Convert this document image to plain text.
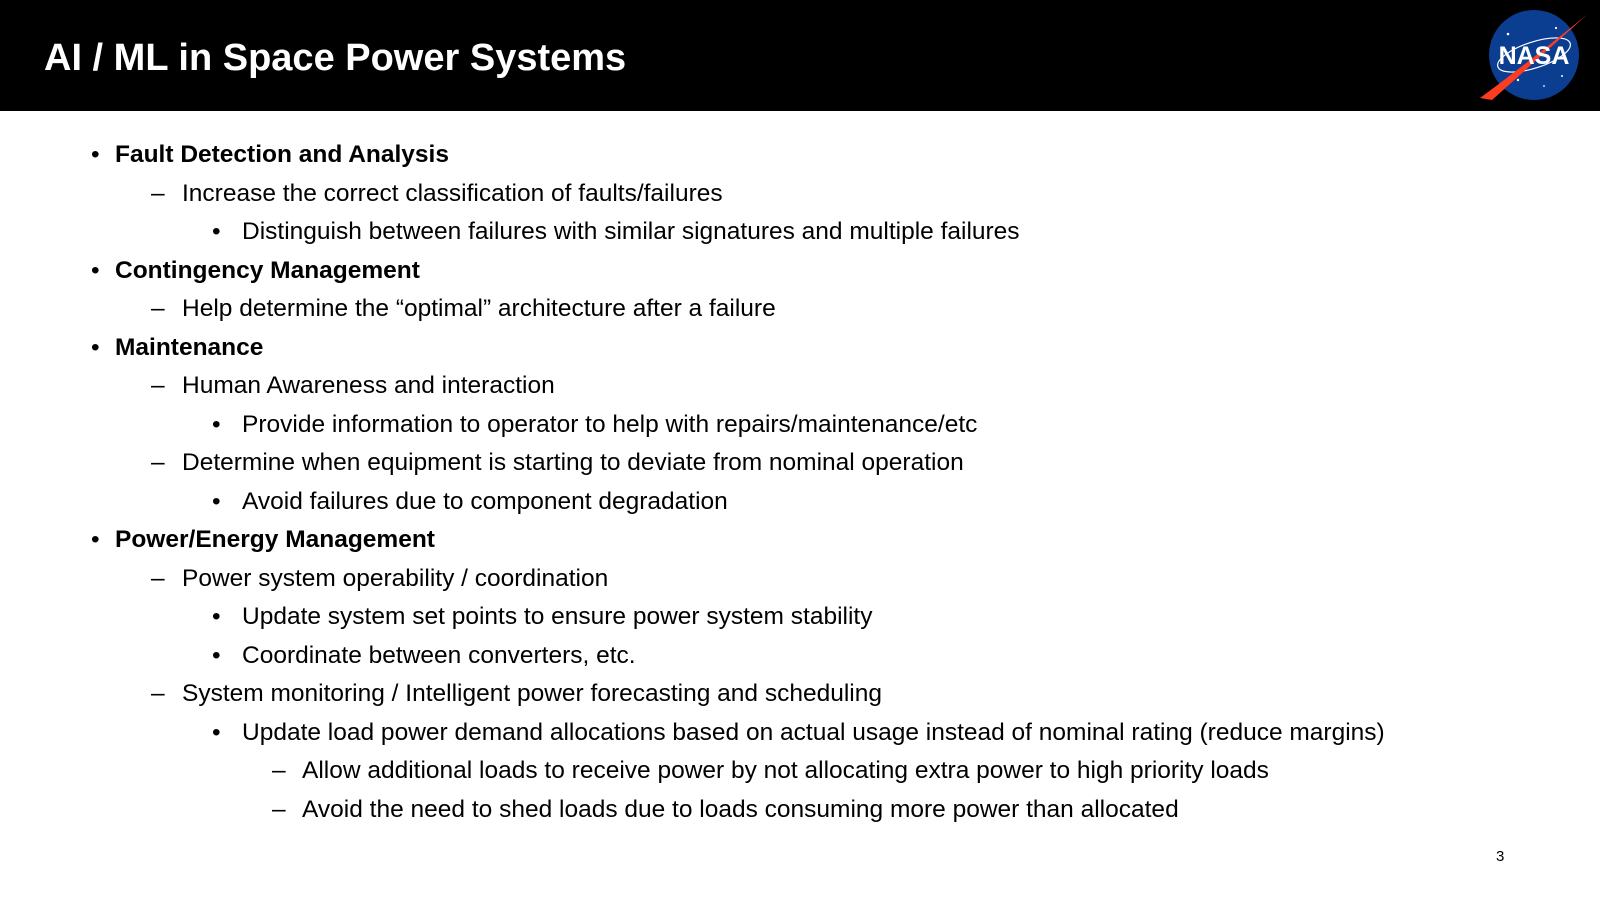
AI / ML in Space Power Systems	NASA
• Fault Detection and Analysis
– Increase the correct classification of faults/failures
• Distinguish between failures with similar signatures and multiple failures
• Contingency Management
– Help determine the “optimal” architecture after a failure
• Maintenance
– Human Awareness and interaction
• Provide information to operator to help with repairs/maintenance/etc
– Determine when equipment is starting to deviate from nominal operation
• Avoid failures due to component degradation
• Power/Energy Management
– Power system operability / coordination
• Update system set points to ensure power system stability
• Coordinate between converters, etc.
– System monitoring / Intelligent power forecasting and scheduling
• Update load power demand allocations based on actual usage instead of nominal rating (reduce margins)
– Allow additional loads to receive power by not allocating extra power to high priority loads
– Avoid the need to shed loads due to loads consuming more power than allocated
3
